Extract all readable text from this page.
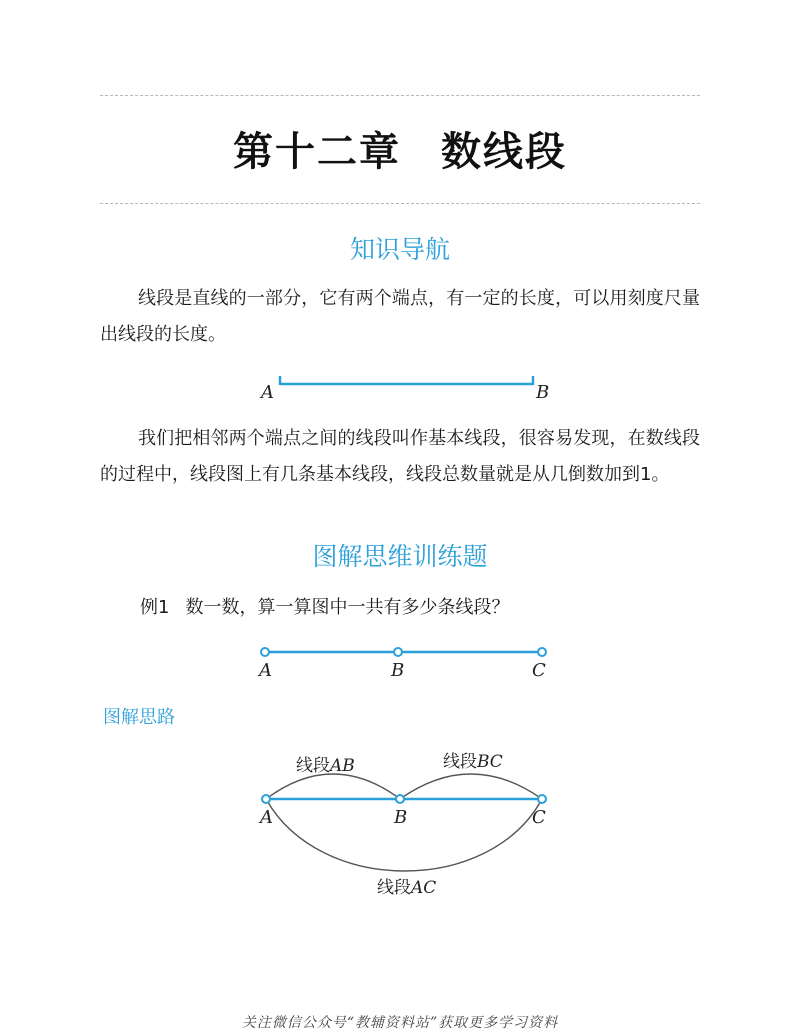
第十二章 数线段
知识导航
线段是直线的一部分，它有两个端点，有一定的长度，可以用刻度尺量出线段的长度。
A	B
我们把相邻两个端点之间的线段叫作基本线段，很容易发现，在数线段的过程中，线段图上有几条基本线段，线段总数量就是从几倒数加到1。
图解思维训练题
例1 数一数，算一算图中一共有多少条线段？
A	B	C
图解思路
A	B	C
线段AB	线段BC
线段AC
关注微信公众号“教辅资料站”获取更多学习资料
